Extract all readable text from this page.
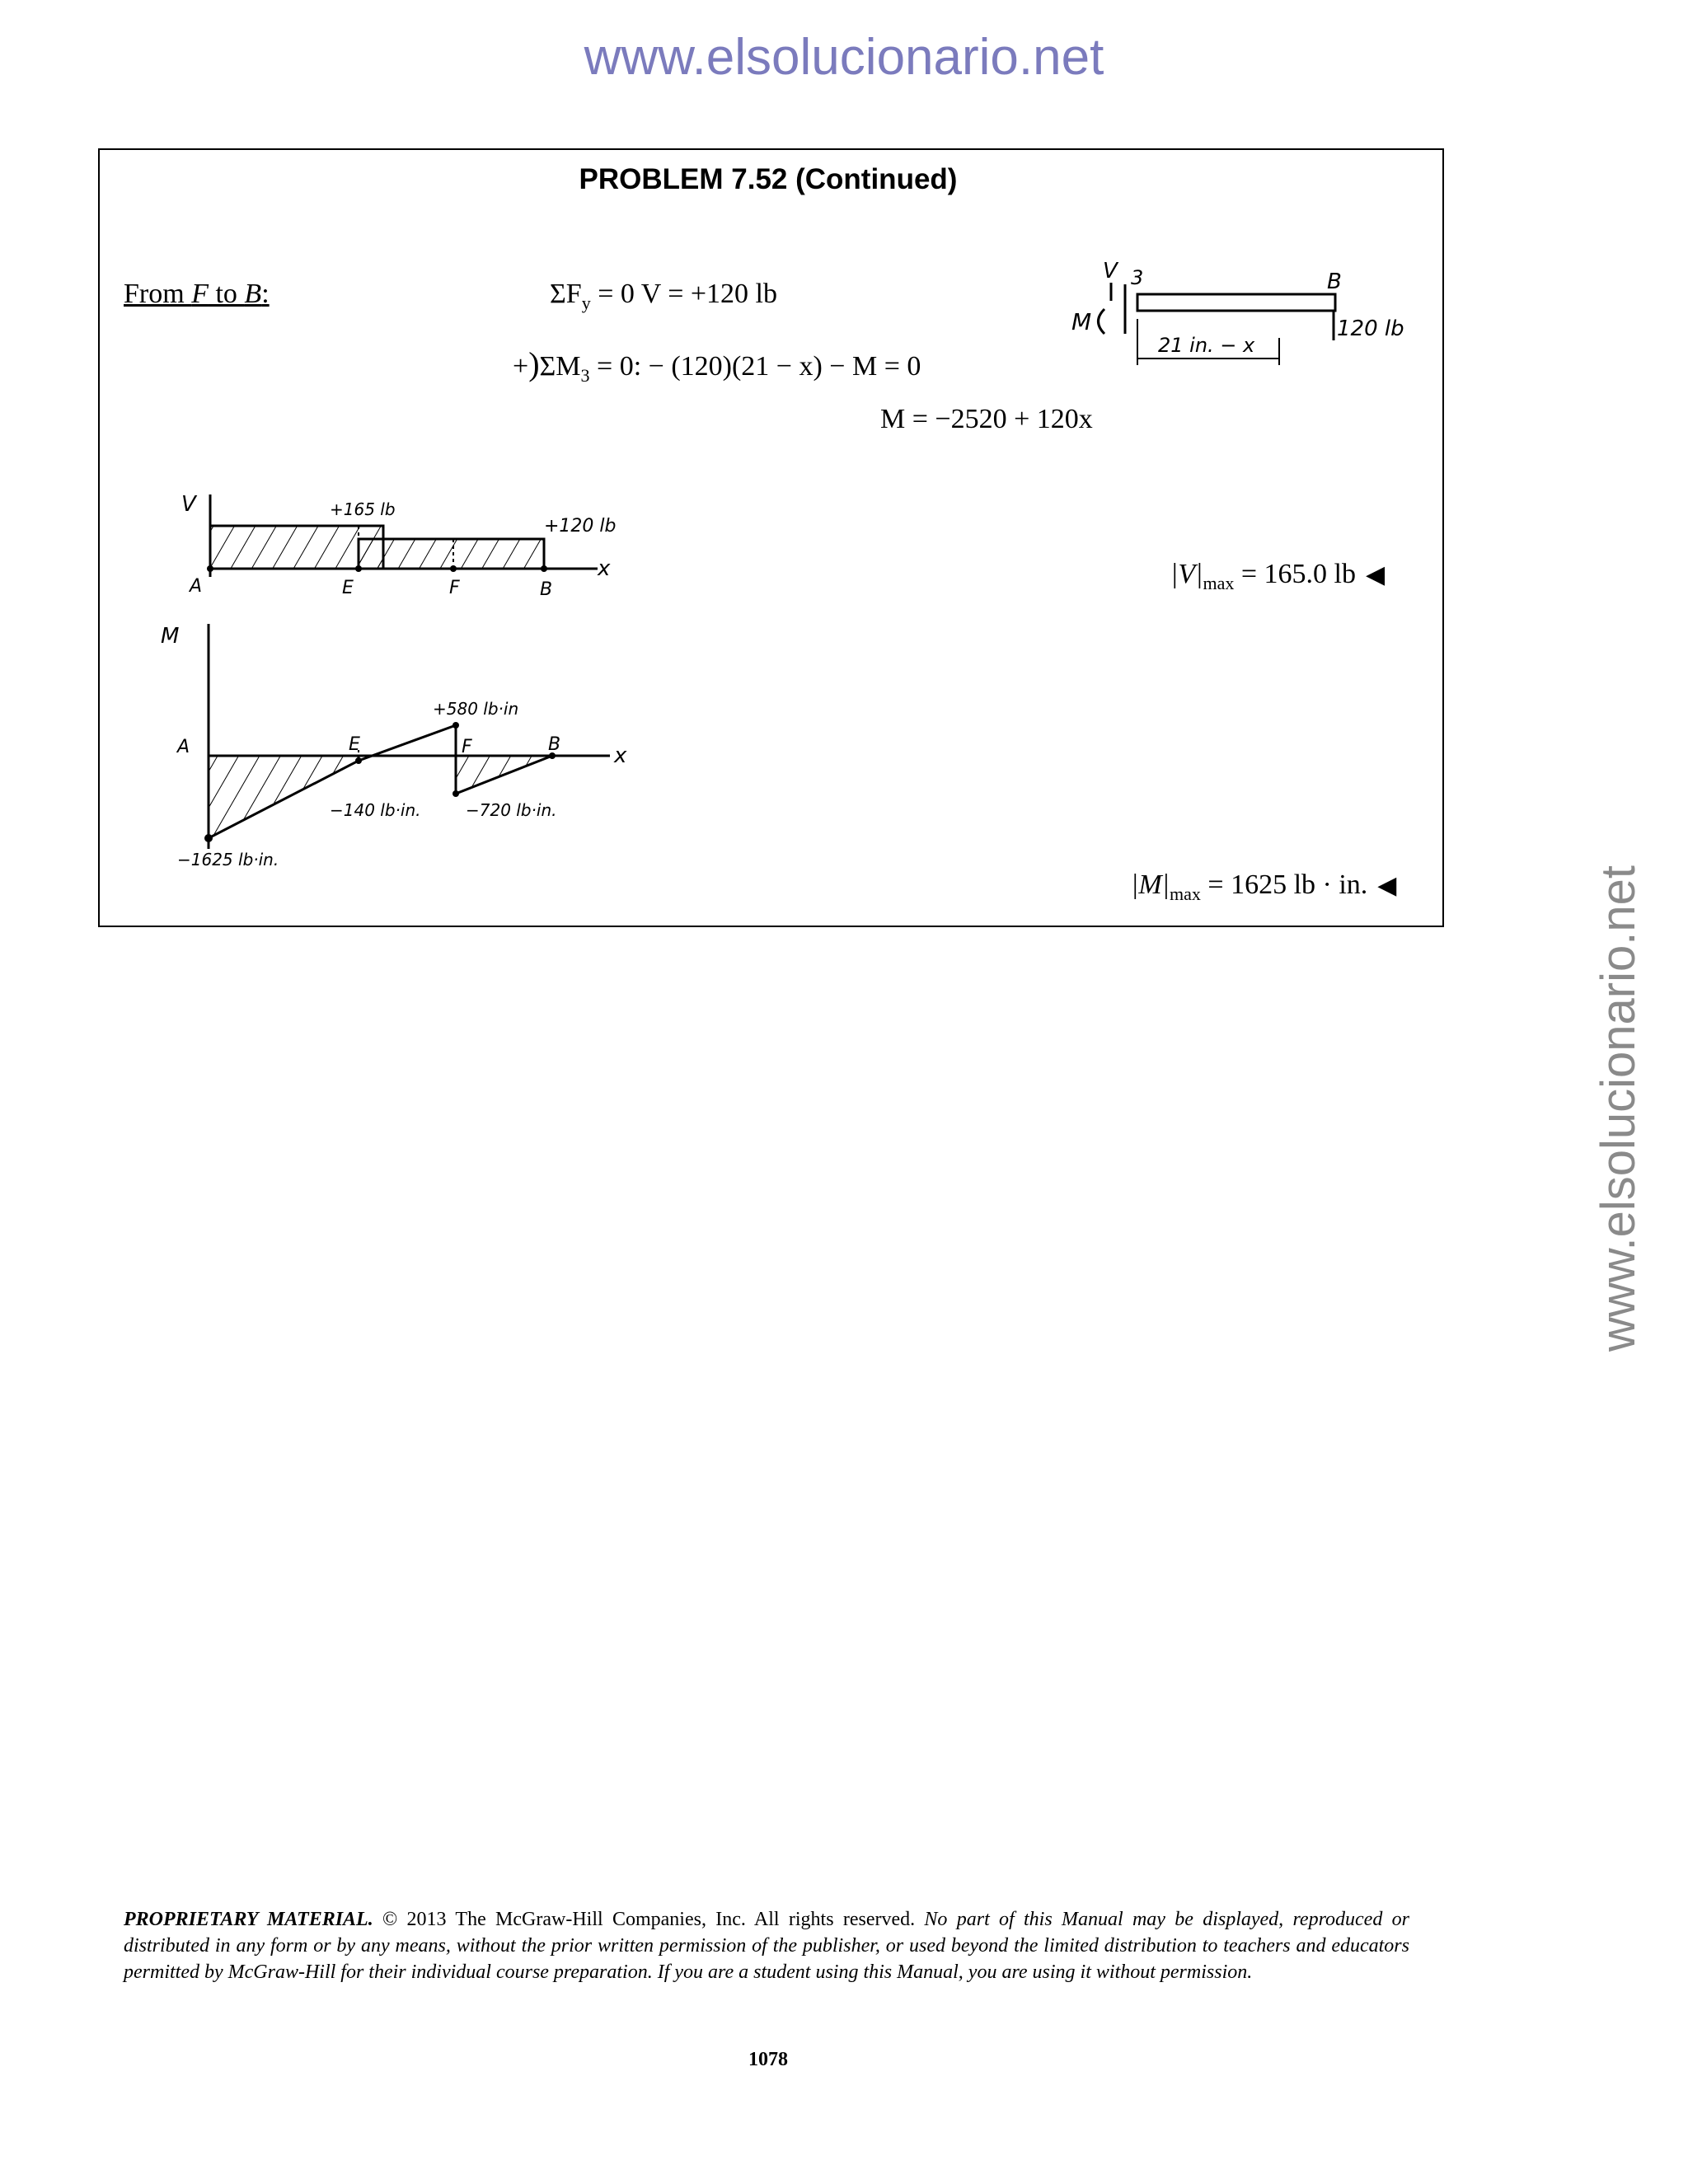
www.elsolucionario.net
www.elsolucionario.net
PROBLEM 7.52 (Continued)
From F to B:	$\Sigma F_y = 0$ V = +120 lb
$+)\Sigma M_3 = 0$: − (120)(21 − x) − M = 0
M = −2520 + 120x
V
M
3	B
120 lb
21 in. − x
V
x
A	E	F	B
+165 lb
+120 lb
M
x
A	E	F	B
+580 lb·in
−140 lb·in.	−720 lb·in.
−1625 lb·in.
$|V|_{max} = 165.0$ lb ◀
$|M|_{max} = 1625$ lb · in. ◀
PROPRIETARY MATERIAL. © 2013 The McGraw-Hill Companies, Inc. All rights reserved. No part of this Manual may be displayed, reproduced or distributed in any form or by any means, without the prior written permission of the publisher, or used beyond the limited distribution to teachers and educators permitted by McGraw-Hill for their individual course preparation. If you are a student using this Manual, you are using it without permission.
1078
